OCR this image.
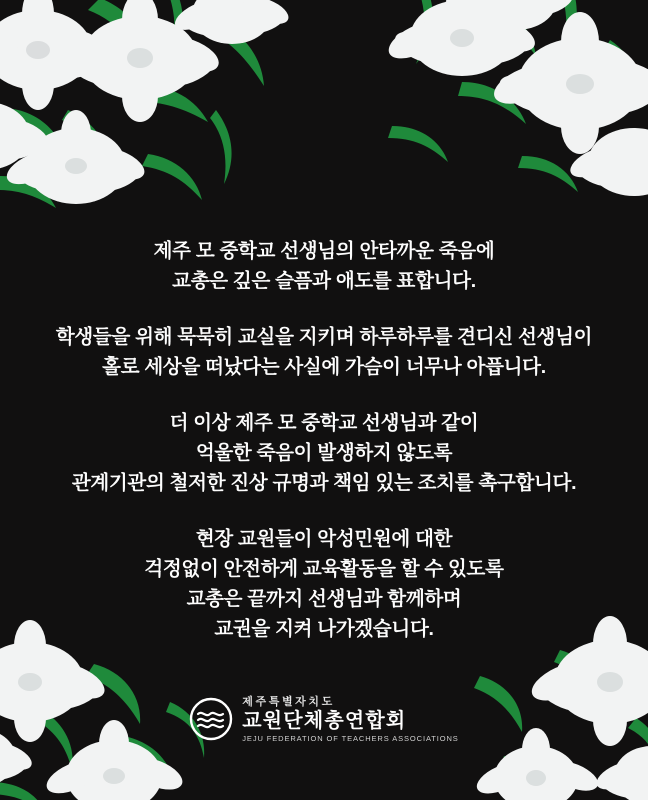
제주 모 중학교 선생님의 안타까운 죽음에
교총은 깊은 슬픔과 애도를 표합니다.
학생들을 위해 묵묵히 교실을 지키며 하루하루를 견디신 선생님이
홀로 세상을 떠났다는 사실에 가슴이 너무나 아픕니다.
더 이상 제주 모 중학교 선생님과 같이
억울한 죽음이 발생하지 않도록
관계기관의 철저한 진상 규명과 책임 있는 조치를 촉구합니다.
현장 교원들이 악성민원에 대한
걱정없이 안전하게 교육활동을 할 수 있도록
교총은 끝까지 선생님과 함께하며
교권을 지켜 나가겠습니다.
제주특별자치도
교원단체총연합회
JEJU FEDERATION OF TEACHERS ASSOCIATIONS
